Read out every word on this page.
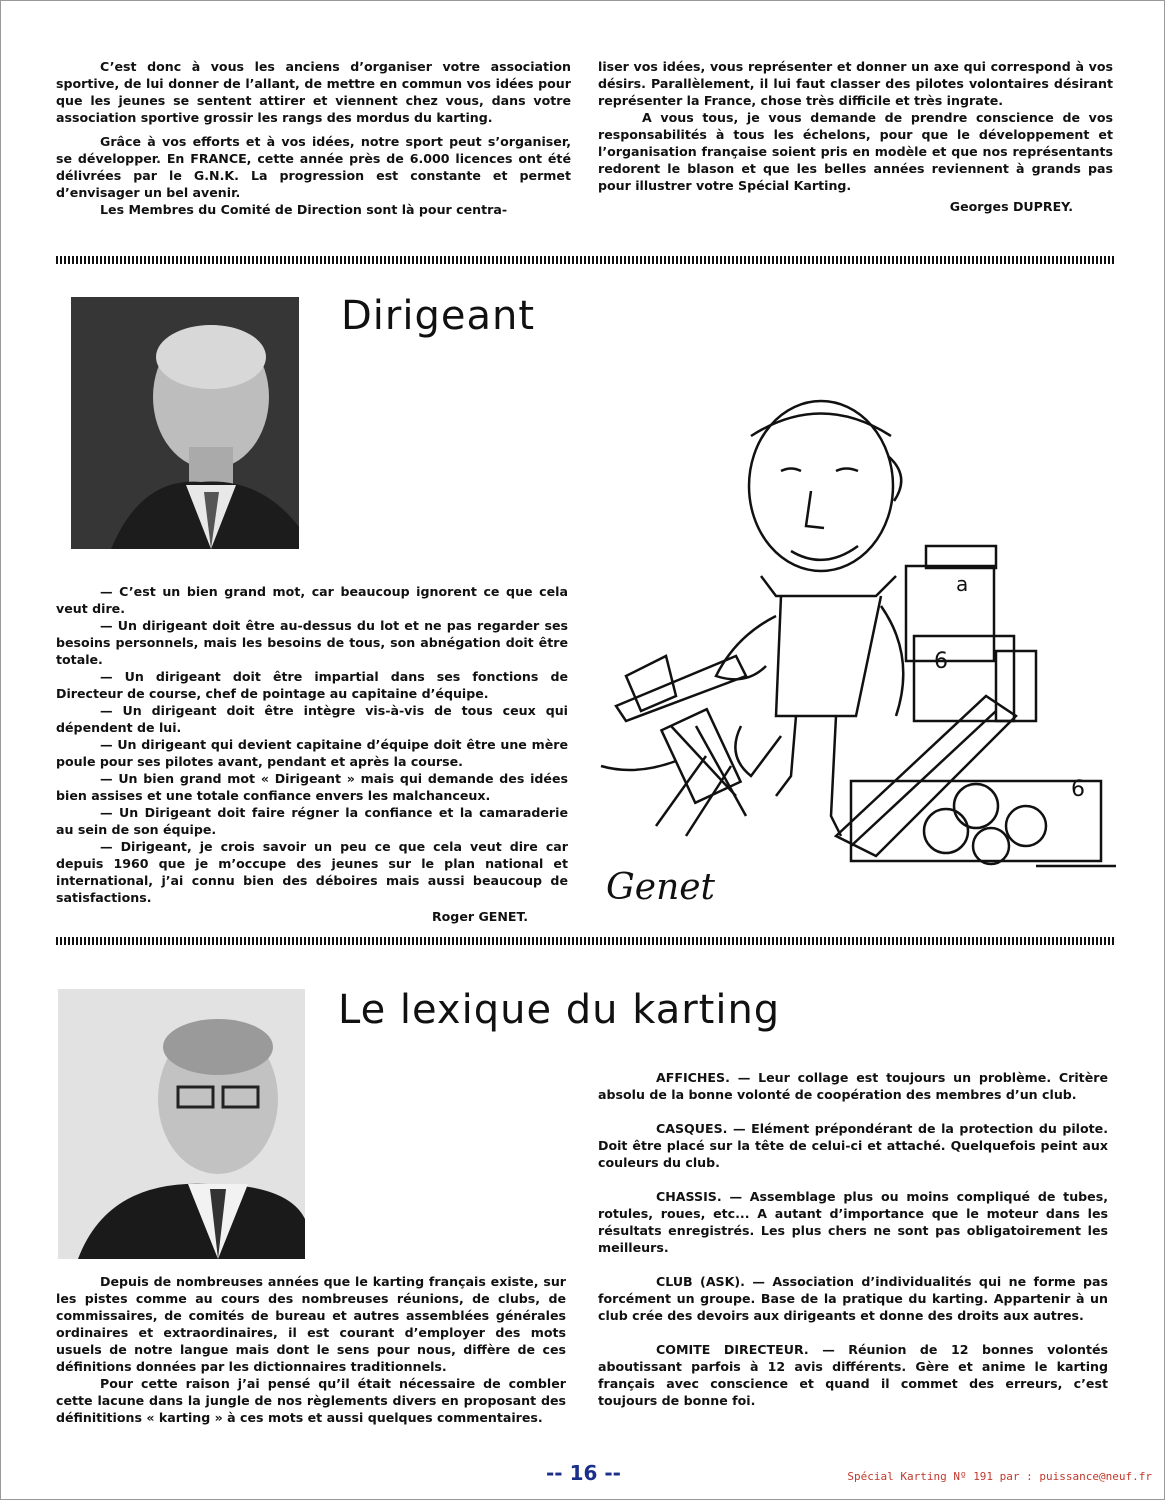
C’est donc à vous les anciens d’organiser votre association sportive, de lui donner de l’allant, de mettre en commun vos idées pour que les jeunes se sentent attirer et viennent chez vous, dans votre association sportive grossir les rangs des mordus du karting.

Grâce à vos efforts et à vos idées, notre sport peut s’organiser, se développer. En FRANCE, cette année près de 6.000 licences ont été délivrées par le G.N.K. La progression est constante et permet d’envisager un bel avenir.

Les Membres du Comité de Direction sont là pour centra-

liser vos idées, vous représenter et donner un axe qui correspond à vos désirs. Parallèlement, il lui faut classer des pilotes volontaires désirant représenter la France, chose très difficile et très ingrate.

A vous tous, je vous demande de prendre conscience de vos responsabilités à tous les échelons, pour que le développement et l’organisation française soient pris en modèle et que nos représentants redorent le blason et que les belles années reviennent à grands pas pour illustrer votre Spécial Karting.

Georges DUPREY.

Dirigeant

— C’est un bien grand mot, car beaucoup ignorent ce que cela veut dire.

— Un dirigeant doit être au-dessus du lot et ne pas regarder ses besoins personnels, mais les besoins de tous, son abnégation doit être totale.

— Un dirigeant doit être impartial dans ses fonctions de Directeur de course, chef de pointage au capitaine d’équipe.

— Un dirigeant doit être intègre vis-à-vis de tous ceux qui dépendent de lui.

— Un dirigeant qui devient capitaine d’équipe doit être une mère poule pour ses pilotes avant, pendant et après la course.

— Un bien grand mot « Dirigeant » mais qui demande des idées bien assises et une totale confiance envers les malchanceux.

— Un Dirigeant doit faire régner la confiance et la camaraderie au sein de son équipe.

— Dirigeant, je crois savoir un peu ce que cela veut dire car depuis 1960 que je m’occupe des jeunes sur le plan national et international, j’ai connu bien des déboires mais aussi beaucoup de satisfactions.

Roger GENET.

a
6
6
Genet
Le lexique du karting

Depuis de nombreuses années que le karting français existe, sur les pistes comme au cours des nombreuses réunions, de clubs, de commissaires, de comités de bureau et autres assemblées générales ordinaires et extraordinaires, il est courant d’employer des mots usuels de notre langue mais dont le sens pour nous, diffère de ces définitions données par les dictionnaires traditionnels.

Pour cette raison j’ai pensé qu’il était nécessaire de combler cette lacune dans la jungle de nos règlements divers en proposant des définititions « karting » à ces mots et aussi quelques commentaires.

AFFICHES. — Leur collage est toujours un problème. Critère absolu de la bonne volonté de coopération des membres d’un club.

CASQUES. — Elément prépondérant de la protection du pilote. Doit être placé sur la tête de celui-ci et attaché. Quelquefois peint aux couleurs du club.

CHASSIS. — Assemblage plus ou moins compliqué de tubes, rotules, roues, etc... A autant d’importance que le moteur dans les résultats enregistrés. Les plus chers ne sont pas obligatoirement les meilleurs.

CLUB (ASK). — Association d’individualités qui ne forme pas forcément un groupe. Base de la pratique du karting. Appartenir à un club crée des devoirs aux dirigeants et donne des droits aux autres.

COMITE DIRECTEUR. — Réunion de 12 bonnes volontés aboutissant parfois à 12 avis différents. Gère et anime le karting français avec conscience et quand il commet des erreurs, c’est toujours de bonne foi.

-- 16 --	Spécial Karting Nº 191 par : puissance@neuf.fr
